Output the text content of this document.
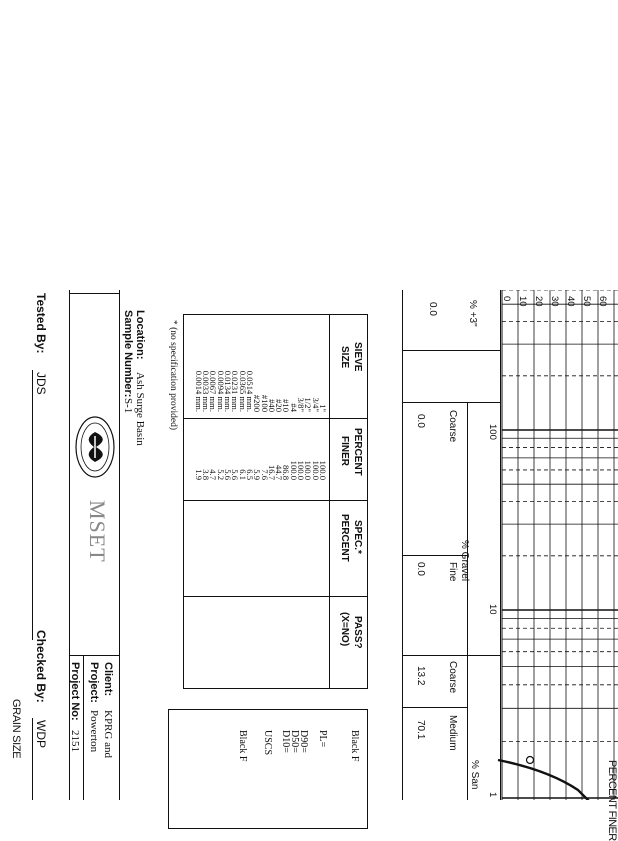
PERCENT FINER
0 10 20 30 40 50 60
100
10
1
GRAIN SIZE
% +3"
0.0
% Gravel
Coarse
0.0
Fine
0.0
% San
Coarse
13.2
Medium
70.1
SIEVE
SIZE
PERCENT
FINER
SPEC.*
PERCENT
PASS?
(X=NO)
1"
100.0
3/4"
100.0
1/2"
100.0
3/8"
100.0
#4
100.0
#10
86.8
#20
44.7
#40
16.7
#100
7.6
#200
5.9
0.0514 mm.
6.5
0.0365 mm.
6.1
0.0231 mm.
5.6
0.0134 mm.
5.6
0.0094 mm.
5.2
0.0067 mm.
4.7
0.0033 mm.
3.8
0.0014 mm.
1.9
* (no specification provided)
Black F
PL=
D90=
D50=
D10=
USCS
Black F
Location:
Ash Surge Basin
Sample Number:
S-1
MSET
Client:
KPRG and
Project:
Powerton
Project No:
2151
Tested By:
JDS
Checked By:
WDP
